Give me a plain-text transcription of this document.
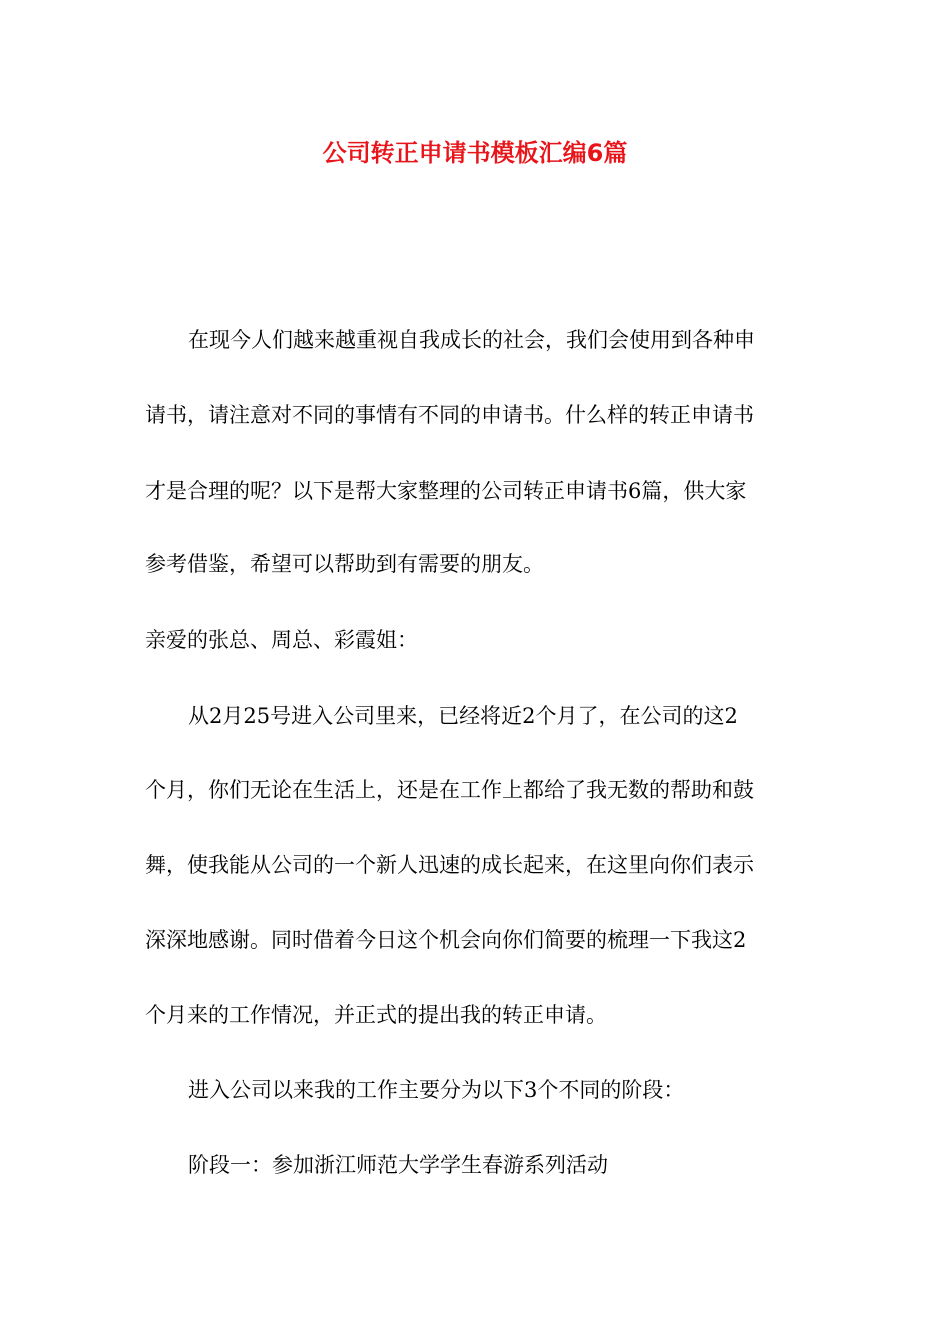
公司转正申请书模板汇编6篇
在现今人们越来越重视自我成长的社会，我们会使用到各种申
请书，请注意对不同的事情有不同的申请书。什么样的转正申请书
才是合理的呢？以下是帮大家整理的公司转正申请书6篇，供大家
参考借鉴，希望可以帮助到有需要的朋友。
亲爱的张总、周总、彩霞姐：
从2月25号进入公司里来，已经将近2个月了，在公司的这2
个月，你们无论在生活上，还是在工作上都给了我无数的帮助和鼓
舞，使我能从公司的一个新人迅速的成长起来，在这里向你们表示
深深地感谢。同时借着今日这个机会向你们简要的梳理一下我这2
个月来的工作情况，并正式的提出我的转正申请。
进入公司以来我的工作主要分为以下3个不同的阶段：
阶段一：参加浙江师范大学学生春游系列活动
